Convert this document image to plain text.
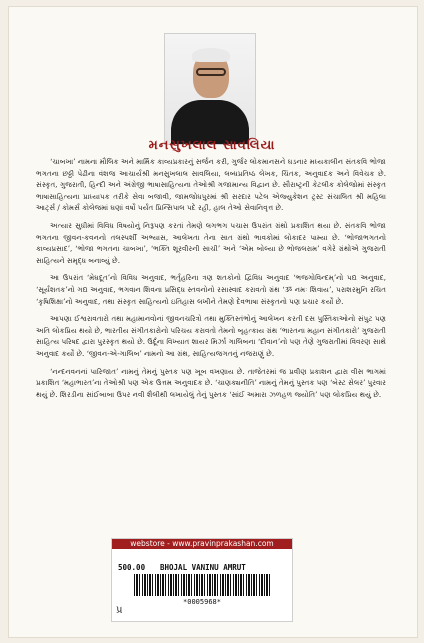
મનસુખલાલ સાવલિયા

‘ચાબખા’ નામના મૌલિક અને માર્મિક કાવ્યપ્રકારનું સર્જન કરી, ગુર્જર લોકમાનસને ઘડનાર મધ્યકાલીન સંતકવિ ભોજા ભગતના છઠ્ઠી પેઢીના વંશજ આચાર્યશ્રી મનસુખલાલ સાવલિયા, લબ્ધપ્રતિષ્ઠ લેખક, ચિંતક, અનુવાદક અને વિવેચક છે. સંસ્કૃત, ગુજરાતી, હિન્દી અને અંગ્રેજી ભાષાસાહિત્યના તેઓશ્રી ગજામાન્ય વિદ્વાન છે. સૌરાષ્ટ્રની કેટલીક કોલેજોમાં સંસ્કૃત ભાષાસાહિત્યના પ્રાધ્યાપક તરીકે સેવા બજાવી, જામજોધપુરમાં શ્રી સરદાર પટેલ એજ્યુકેશન ટ્રસ્ટ સંચાલિત શ્રી મહિલા આર્ટ્સ / કોમર્સ કોલેજમાં ઘણાં વર્ષો પર્યંત પ્રિન્સિપાલ પદે રહી, હાલ તેઓ સેવાનિવૃત્ત છે.

અત્યાર સુધીમાં વિવિધ વિષયોનું નિરૂપણ કરતાં તેમણે લગભગ પચાસ ઉપરાંત ગ્રંથો પ્રકાશિત થયા છે. સંતકવિ ભોજા ભગતના જીવન-કવનનો તલસ્પર્શી અભ્યાસ, આલેખતા તેના સાત ગ્રંથો ભાવકોમાં લોકાદર પામ્યા છે. ‘ભોજાભગતનો કાવ્યપ્રસાદ’, ‘ભોજા ભગતના ચાબખા’, ‘ભક્તિ શૂરવીરની સાચી’ અને ‘એમ બોલ્યા છે ભોજલરામ’ વગેરે ગ્રંથોએ ગુજરાતી સાહિત્યને સમૃદ્ધ બનાવ્યું છે.

આ ઉપરાંત ‘મેઘદૂત’નો વિવિધ અનુવાદ, ભર્તૃહરિના ત્રણ શતકોનો દ્વિવિધ અનુવાદ ‘ભજગોવિન્દમ્’નો પદ્ય અનુવાદ, ‘સૂર્યશતક’નો ગદ્ય અનુવાદ, ભગવાન શિવના પ્રસિદ્ધ સ્તવનોનો રસાસ્વાદ કરાવતો ગ્રંથ ‘ૐ નમઃ શિવાય’, પરાશરમુનિ રચિત ‘કૃષિશિક્ષા’નો અનુવાદ, તથા સંસ્કૃત સાહિત્યનો ઇતિહાસ લખીને તેમણે દેવભાષા સંસ્કૃતનો પણ પ્રચાર કર્યો છે.

આપણા ઈશ્વરાવતારો તથા મહામાનવોનાં જીવનચરિત્રો તથા મુક્તિસ્તંભોનું આલેખન કરતી દસ પુસ્તિકાઓનો સંપુટ પણ અતિ લોકપ્રિય થયો છે, ભારતીય સંગીતકારોનો પરિચય કરાવતો તેમનો બૃહત્કાય ગ્રંથ ‘ભારતના મહાન સંગીતકારો’ ગુજરાતી સાહિત્ય પરિષદ દ્વારા પુરસ્કૃત થયો છે. ઉર્દૂના વિખ્યાત શાયર મિર્ઝા ગાલિબના ‘દીવાન’નો પણ તેણે ગુજરાતીમાં વિવરણ સાથે અનુવાદ કર્યો છે. ‘જીવન-એ-ગાલિબ’ નામનો આ ગ્રંથ, સાહિત્યજગતનું નજરાણું છે.

‘નન્દનવનનાં પારિજાત’ નામનું તેમનું પુસ્તક પણ ખૂબ વખણાય છે. તાજેતરમાં જ પ્રવીણ પ્રકાશન દ્વારા વીસ ભાગમાં પ્રકાશિત ‘મહાભારત’ના તેઓશ્રી પણ એક ઉત્તમ અનુવાદક છે. ‘ચાણક્યનીતિ’ નામનું તેમનું પુસ્તક પણ ‘બેસ્ટ સેલર’ પુરવાર થયું છે. શિરડીના સાંઈબાબા ઉપર નવી શૈલીથી લખાયેલું તેનું પુસ્તક ‘સાંઈ અમારા ઝળહળ જ્યોતિ’ પણ લોકપ્રિય થયું છે.

webstore - www.pravinprakashan.com
500.00 BHOJAL VANINU AMRUT
*0005968*
પ્ર
